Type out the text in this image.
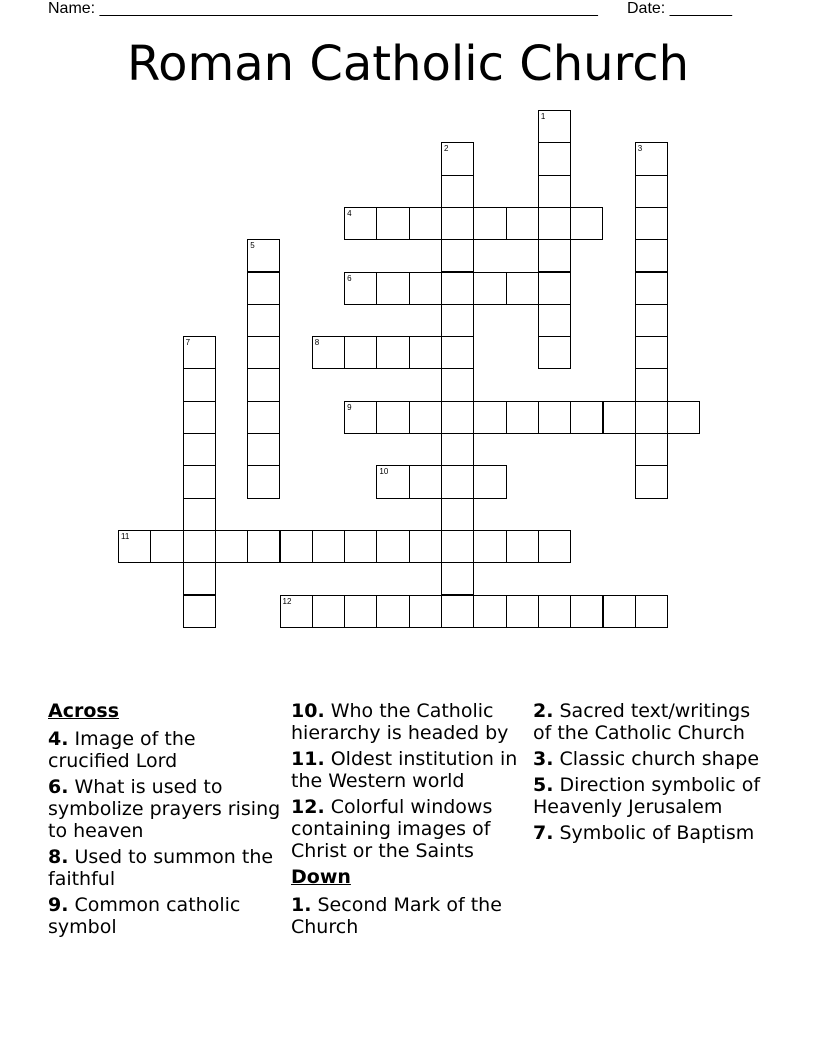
Name: ________________________________________________________ Date: _______
Roman Catholic Church
1
2	3
4
5
6
7	8
9
10
11
12
Across
4. Image of the crucified Lord
6. What is used to symbolize prayers rising to heaven
8. Used to summon the faithful
9. Common catholic symbol
10. Who the Catholic hierarchy is headed by
11. Oldest institution in the Western world
12. Colorful windows containing images of Christ or the Saints
Down
1. Second Mark of the Church
2. Sacred text/writings of the Catholic Church
3. Classic church shape
5. Direction symbolic of Heavenly Jerusalem
7. Symbolic of Baptism
